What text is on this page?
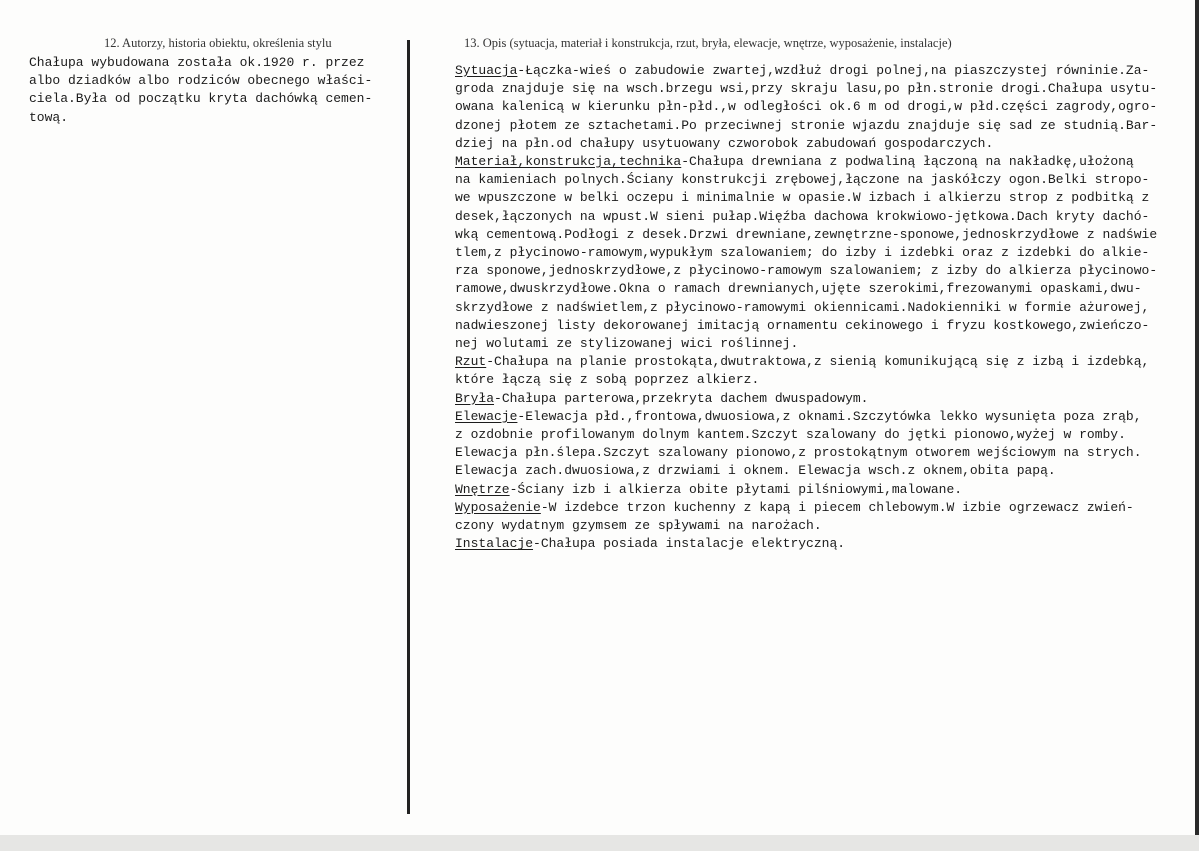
12. Autorzy, historia obiektu, określenia stylu	13. Opis (sytuacja, materiał i konstrukcja, rzut, bryła, elewacje, wnętrze, wyposażenie, instalacje)
Chałupa wybudowana została ok.1920 r. przez
albo dziadków albo rodziców obecnego właści-
ciela.Była od początku kryta dachówką cemen-
tową.
Sytuacja-Łączka-wieś o zabudowie zwartej,wzdłuż drogi polnej,na piaszczystej równinie.Za-
groda znajduje się na wsch.brzegu wsi,przy skraju lasu,po płn.stronie drogi.Chałupa usytu-
owana kalenicą w kierunku płn-płd.,w odległości ok.6 m od drogi,w płd.części zagrody,ogro-
dzonej płotem ze sztachetami.Po przeciwnej stronie wjazdu znajduje się sad ze studnią.Bar-
dziej na płn.od chałupy usytuowany czworobok zabudowań gospodarczych.
Materiał,konstrukcja,technika-Chałupa drewniana z podwaliną łączoną na nakładkę,ułożoną
na kamieniach polnych.Ściany konstrukcji zrębowej,łączone na jaskółczy ogon.Belki stropo-
we wpuszczone w belki oczepu i minimalnie w opasie.W izbach i alkierzu strop z podbitką z
desek,łączonych na wpust.W sieni pułap.Więźba dachowa krokwiowo-jętkowa.Dach kryty dachó-
wką cementową.Podłogi z desek.Drzwi drewniane,zewnętrzne-sponowe,jednoskrzydłowe z nadświe
tlem,z płycinowo-ramowym,wypukłym szalowaniem; do izby i izdebki oraz z izdebki do alkie-
rza sponowe,jednoskrzydłowe,z płycinowo-ramowym szalowaniem; z izby do alkierza płycinowo-
ramowe,dwuskrzydłowe.Okna o ramach drewnianych,ujęte szerokimi,frezowanymi opaskami,dwu-
skrzydłowe z nadświetlem,z płycinowo-ramowymi okiennicami.Nadokienniki w formie ażurowej,
nadwieszonej listy dekorowanej imitacją ornamentu cekinowego i fryzu kostkowego,zwieńczo-
nej wolutami ze stylizowanej wici roślinnej.
Rzut-Chałupa na planie prostokąta,dwutraktowa,z sienią komunikującą się z izbą i izdebką,
które łączą się z sobą poprzez alkierz.
Bryła-Chałupa parterowa,przekryta dachem dwuspadowym.
Elewacje-Elewacja płd.,frontowa,dwuosiowa,z oknami.Szczytówka lekko wysunięta poza zrąb,
z ozdobnie profilowanym dolnym kantem.Szczyt szalowany do jętki pionowo,wyżej w romby.
Elewacja płn.ślepa.Szczyt szalowany pionowo,z prostokątnym otworem wejściowym na strych.
Elewacja zach.dwuosiowa,z drzwiami i oknem. Elewacja wsch.z oknem,obita papą.
Wnętrze-Ściany izb i alkierza obite płytami pilśniowymi,malowane.
Wyposażenie-W izdebce trzon kuchenny z kapą i piecem chlebowym.W izbie ogrzewacz zwień-
czony wydatnym gzymsem ze spływami na narożach.
Instalacje-Chałupa posiada instalacje elektryczną.
